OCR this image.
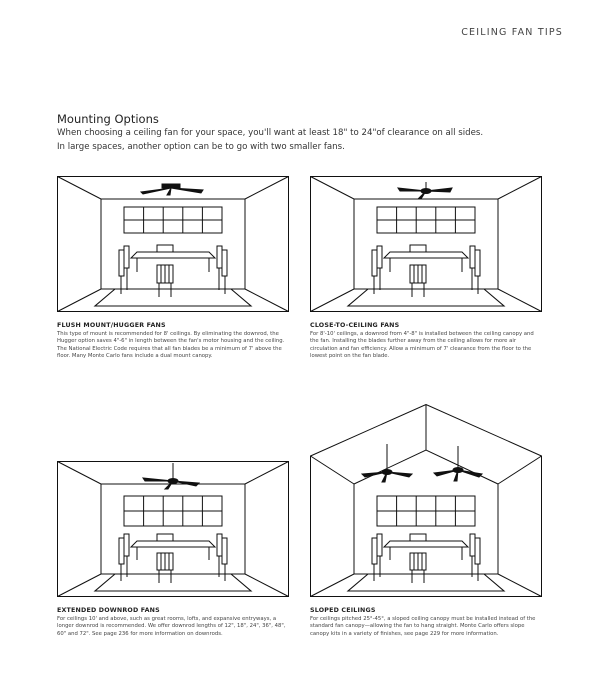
CEILING FAN TIPS
Mounting Options

When choosing a ceiling fan for your space, you'll want at least 18" to 24"of clearance on all sides.

In large spaces, another option can be to go with two smaller fans.

FLUSH MOUNT/HUGGER FANS
This type of mount is recommended for 8' ceilings. By eliminating the downrod, the Hugger option saves 4"-6" in length between the fan's motor housing and the ceiling. The National Electric Code requires that all fan blades be a minimum of 7' above the floor. Many Monte Carlo fans include a dual mount canopy.
CLOSE-TO-CEILING FANS
For 8'-10' ceilings, a downrod from 4"-8" is installed between the ceiling canopy and the fan. Installing the blades further away from the ceiling allows for more air circulation and fan efficiency. Allow a minimum of 7' clearance from the floor to the lowest point on the fan blade.
EXTENDED DOWNROD FANS
For ceilings 10' and above, such as great rooms, lofts, and expansive entryways, a longer downrod is recommended. We offer downrod lengths of 12", 18", 24", 36", 48", 60" and 72". See page 236 for more information on downrods.
SLOPED CEILINGS
For ceilings pitched 25°-45°, a sloped ceiling canopy must be installed instead of the standard fan canopy—allowing the fan to hang straight. Monte Carlo offers slope canopy kits in a variety of finishes, see page 229 for more information.
